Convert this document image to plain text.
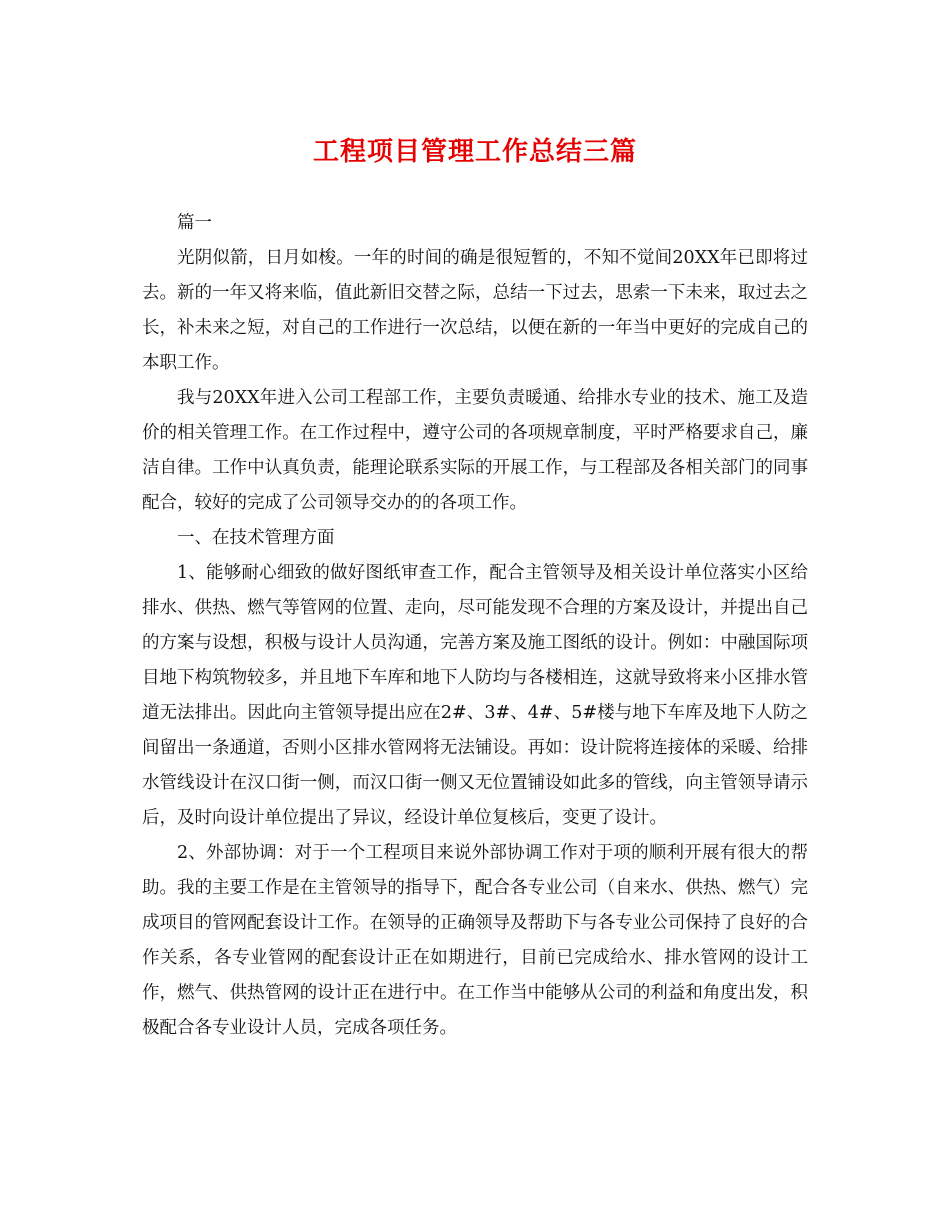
工程项目管理工作总结三篇

篇一

光阴似箭，日月如梭。一年的时间的确是很短暂的，不知不觉间20XX年已即将过去。新的一年又将来临，值此新旧交替之际，总结一下过去，思索一下未来，取过去之长，补未来之短，对自己的工作进行一次总结，以便在新的一年当中更好的完成自己的本职工作。

我与20XX年进入公司工程部工作，主要负责暖通、给排水专业的技术、施工及造价的相关管理工作。在工作过程中，遵守公司的各项规章制度，平时严格要求自己，廉洁自律。工作中认真负责，能理论联系实际的开展工作，与工程部及各相关部门的同事配合，较好的完成了公司领导交办的的各项工作。

一、在技术管理方面

1、能够耐心细致的做好图纸审查工作，配合主管领导及相关设计单位落实小区给排水、供热、燃气等管网的位置、走向，尽可能发现不合理的方案及设计，并提出自己的方案与设想，积极与设计人员沟通，完善方案及施工图纸的设计。例如：中融国际项目地下构筑物较多，并且地下车库和地下人防均与各楼相连，这就导致将来小区排水管道无法排出。因此向主管领导提出应在2#、3#、4#、5#楼与地下车库及地下人防之间留出一条通道，否则小区排水管网将无法铺设。再如：设计院将连接体的采暖、给排水管线设计在汉口街一侧，而汉口街一侧又无位置铺设如此多的管线，向主管领导请示后，及时向设计单位提出了异议，经设计单位复核后，变更了设计。

2、外部协调：对于一个工程项目来说外部协调工作对于项的顺利开展有很大的帮助。我的主要工作是在主管领导的指导下，配合各专业公司（自来水、供热、燃气）完成项目的管网配套设计工作。在领导的正确领导及帮助下与各专业公司保持了良好的合作关系，各专业管网的配套设计正在如期进行，目前已完成给水、排水管网的设计工作，燃气、供热管网的设计正在进行中。在工作当中能够从公司的利益和角度出发，积极配合各专业设计人员，完成各项任务。
